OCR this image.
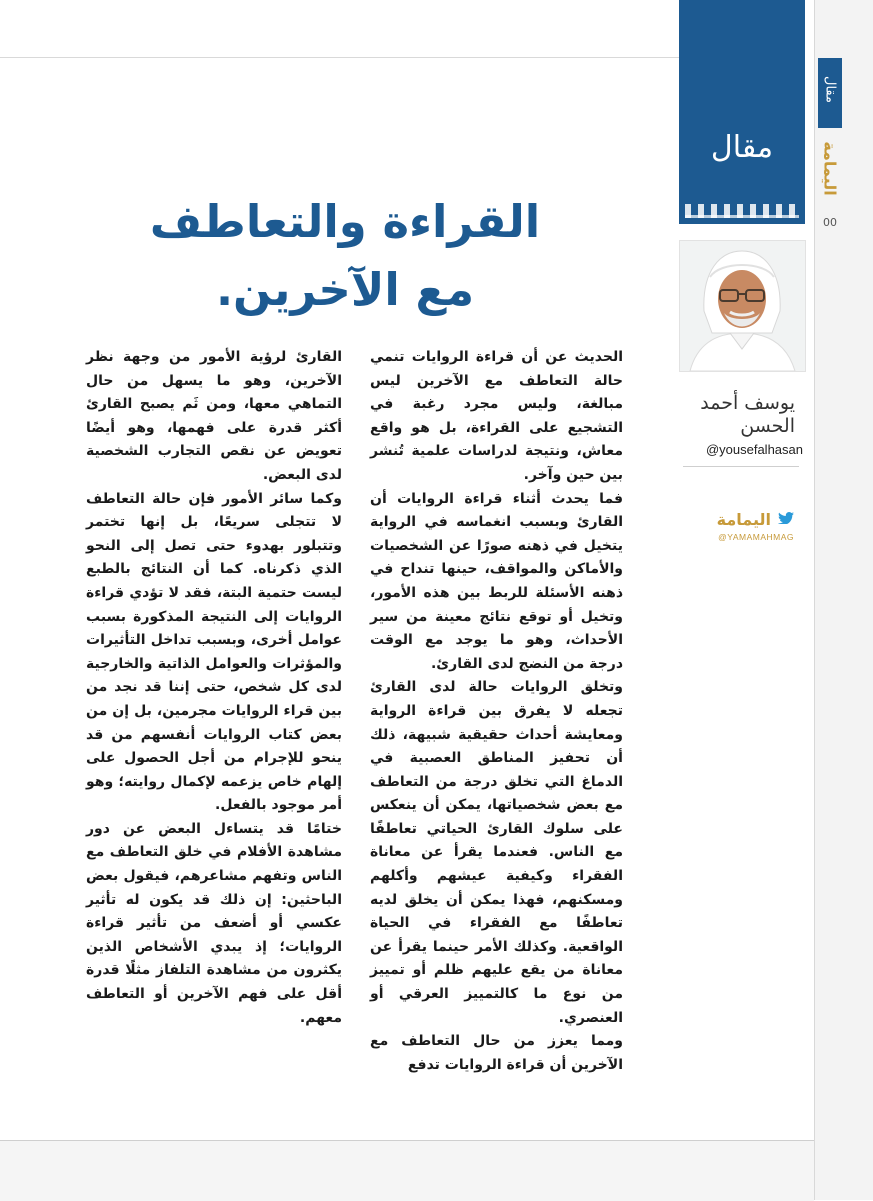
مقال
مقال
اليمامة
00
القراءة والتعاطف
مع الآخرين.
يوسف أحمد
الحسن
@yousefalhasan
اليمامة
@YAMAMAHMAG

الحديث عن أن قراءة الروايات تنمي حالة التعاطف مع الآخرين ليس مبالغة، وليس مجرد رغبة في التشجيع على القراءة، بل هو واقع معاش، ونتيجة لدراسات علمية تُنشر بين حين وآخر.

فما يحدث أثناء قراءة الروايات أن القارئ وبسبب انغماسه في الرواية يتخيل في ذهنه صورًا عن الشخصيات والأماكن والمواقف، حينها تنداح في ذهنه الأسئلة للربط بين هذه الأمور، وتخيل أو توقع نتائج معينة من سير الأحداث، وهو ما يوجد مع الوقت درجة من النضج لدى القارئ.

وتخلق الروايات حالة لدى القارئ تجعله لا يفرق بين قراءة الرواية ومعايشة أحداث حقيقية شبيهة، ذلك أن تحفيز المناطق العصبية في الدماغ التي تخلق درجة من التعاطف مع بعض شخصياتها، يمكن أن ينعكس على سلوك القارئ الحياتي تعاطفًا مع الناس. فعندما يقرأ عن معاناة الفقراء وكيفية عيشهم وأكلهم ومسكنهم، فهذا يمكن أن يخلق لديه تعاطفًا مع الفقراء في الحياة الواقعية. وكذلك الأمر حينما يقرأ عن معاناة من يقع عليهم ظلم أو تمييز من نوع ما كالتمييز العرقي أو العنصري.

ومما يعزز من حال التعاطف مع الآخرين أن قراءة الروايات تدفع

القارئ لرؤية الأمور من وجهة نظر الآخرين، وهو ما يسهل من حال التماهي معها، ومن ثَم يصبح القارئ أكثر قدرة على فهمها، وهو أيضًا تعويض عن نقص التجارب الشخصية لدى البعض.

وكما سائر الأمور فإن حالة التعاطف لا تتجلى سريعًا، بل إنها تختمر وتتبلور بهدوء حتى تصل إلى النحو الذي ذكرناه. كما أن النتائج بالطبع ليست حتمية البتة، فقد لا تؤدي قراءة الروايات إلى النتيجة المذكورة بسبب عوامل أخرى، وبسبب تداخل التأثيرات والمؤثرات والعوامل الذاتية والخارجية لدى كل شخص، حتى إننا قد نجد من بين قراء الروايات مجرمين، بل إن من بعض كتاب الروايات أنفسهم من قد ينحو للإجرام من أجل الحصول على إلهام خاص يزعمه لإكمال روايته؛ وهو أمر موجود بالفعل.

ختامًا قد يتساءل البعض عن دور مشاهدة الأفلام في خلق التعاطف مع الناس وتفهم مشاعرهم، فيقول بعض الباحثين: إن ذلك قد يكون له تأثير عكسي أو أضعف من تأثير قراءة الروايات؛ إذ يبدي الأشخاص الذين يكثرون من مشاهدة التلفاز مثلًا قدرة أقل على فهم الآخرين أو التعاطف معهم.
